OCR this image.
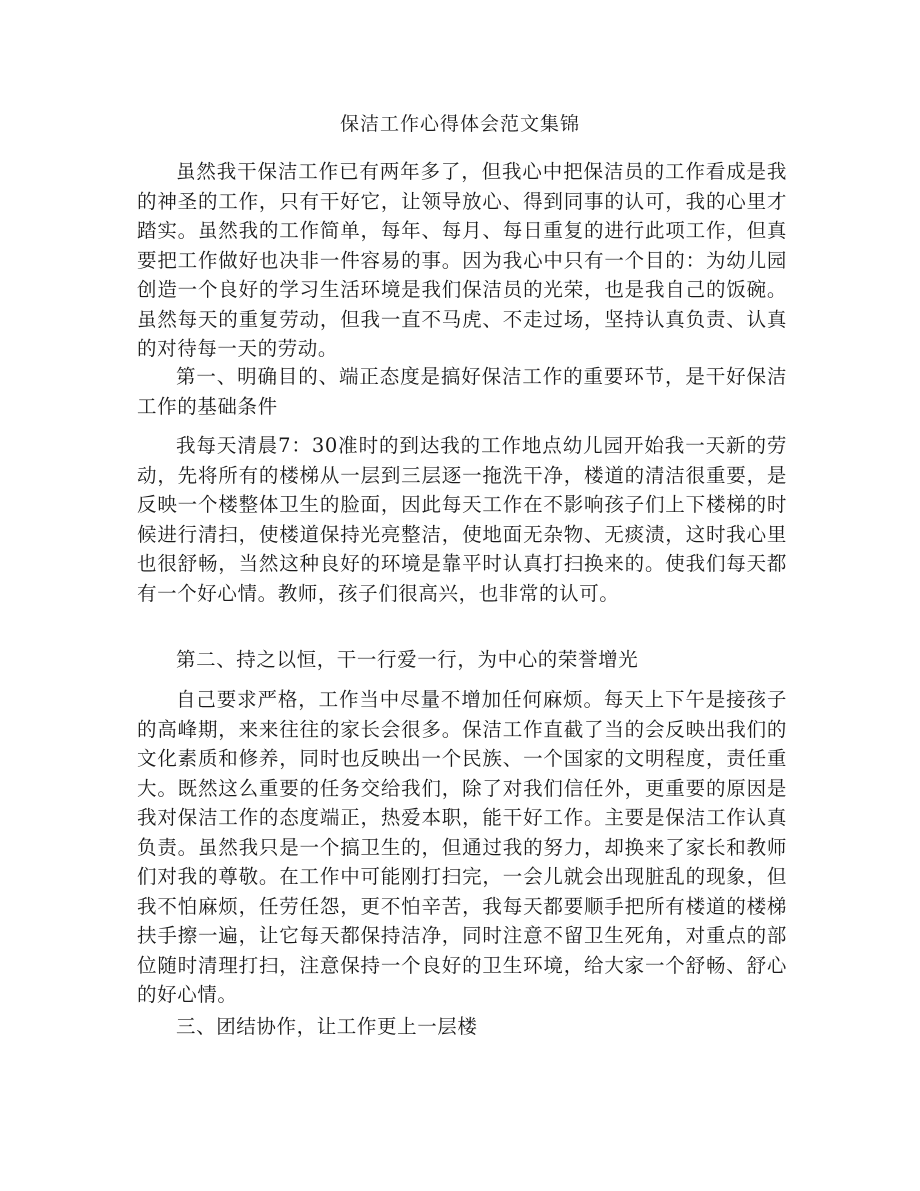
保洁工作心得体会范文集锦

虽然我干保洁工作已有两年多了，但我心中把保洁员的工作看成是我的神圣的工作，只有干好它，让领导放心、得到同事的认可，我的心里才踏实。虽然我的工作简单，每年、每月、每日重复的进行此项工作，但真要把工作做好也决非一件容易的事。因为我心中只有一个目的：为幼儿园创造一个良好的学习生活环境是我们保洁员的光荣，也是我自己的饭碗。虽然每天的重复劳动，但我一直不马虎、不走过场，坚持认真负责、认真的对待每一天的劳动。

第一、明确目的、端正态度是搞好保洁工作的重要环节，是干好保洁工作的基础条件

我每天清晨7：30准时的到达我的工作地点幼儿园开始我一天新的劳动，先将所有的楼梯从一层到三层逐一拖洗干净，楼道的清洁很重要，是反映一个楼整体卫生的脸面，因此每天工作在不影响孩子们上下楼梯的时候进行清扫，使楼道保持光亮整洁，使地面无杂物、无痰渍，这时我心里也很舒畅，当然这种良好的环境是靠平时认真打扫换来的。使我们每天都有一个好心情。教师，孩子们很高兴，也非常的认可。

第二、持之以恒，干一行爱一行，为中心的荣誉增光

自己要求严格，工作当中尽量不增加任何麻烦。每天上下午是接孩子的高峰期，来来往往的家长会很多。保洁工作直截了当的会反映出我们的文化素质和修养，同时也反映出一个民族、一个国家的文明程度，责任重大。既然这么重要的任务交给我们，除了对我们信任外，更重要的原因是我对保洁工作的态度端正，热爱本职，能干好工作。主要是保洁工作认真负责。虽然我只是一个搞卫生的，但通过我的努力，却换来了家长和教师们对我的尊敬。在工作中可能刚打扫完，一会儿就会出现脏乱的现象，但我不怕麻烦，任劳任怨，更不怕辛苦，我每天都要顺手把所有楼道的楼梯扶手擦一遍，让它每天都保持洁净，同时注意不留卫生死角，对重点的部位随时清理打扫，注意保持一个良好的卫生环境，给大家一个舒畅、舒心的好心情。

三、团结协作，让工作更上一层楼
